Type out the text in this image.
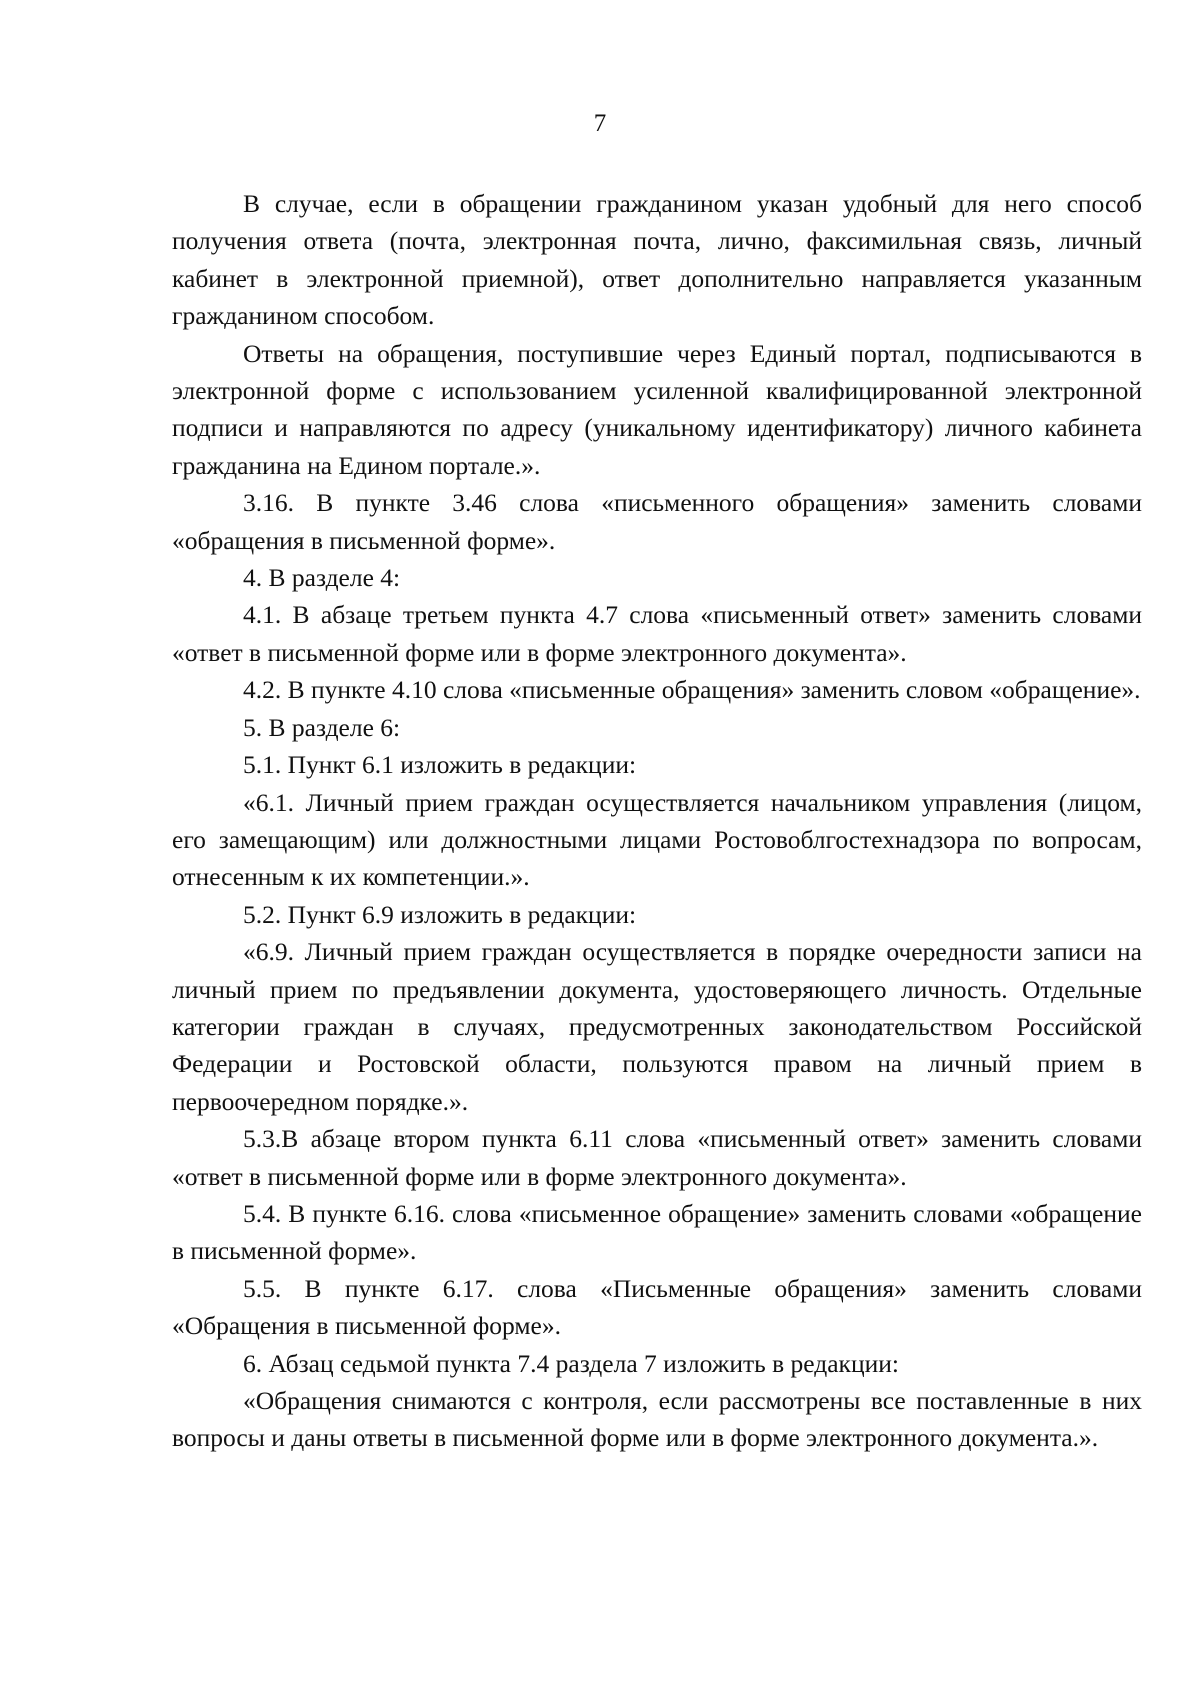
7

В случае, если в обращении гражданином указан удобный для него способ получения ответа (почта, электронная почта, лично, факсимильная связь, личный кабинет в электронной приемной), ответ дополнительно направляется указанным гражданином способом.

Ответы на обращения, поступившие через Единый портал, подписываются в электронной форме с использованием усиленной квалифицированной электронной подписи и направляются по адресу (уникальному идентификатору) личного кабинета гражданина на Едином портале.».

3.16. В пункте 3.46 слова «письменного обращения» заменить словами «обращения в письменной форме».

4. В разделе 4:

4.1. В абзаце третьем пункта 4.7 слова «письменный ответ» заменить словами «ответ в письменной форме или в форме электронного документа».

4.2. В пункте 4.10 слова «письменные обращения» заменить словом «обращение».

5. В разделе 6:

5.1. Пункт 6.1 изложить в редакции:

«6.1. Личный прием граждан осуществляется начальником управления (лицом, его замещающим) или должностными лицами Ростовоблгостехнадзора по вопросам, отнесенным к их компетенции.».

5.2. Пункт 6.9 изложить в редакции:

«6.9. Личный прием граждан осуществляется в порядке очередности записи на личный прием по предъявлении документа, удостоверяющего личность. Отдельные категории граждан в случаях, предусмотренных законодательством Российской Федерации и Ростовской области, пользуются правом на личный прием в первоочередном порядке.».

5.3.В абзаце втором пункта 6.11 слова «письменный ответ» заменить словами «ответ в письменной форме или в форме электронного документа».

5.4. В пункте 6.16. слова «письменное обращение» заменить словами «обращение в письменной форме».

5.5. В пункте 6.17. слова «Письменные обращения» заменить словами «Обращения в письменной форме».

6. Абзац седьмой пункта 7.4 раздела 7 изложить в редакции:

«Обращения снимаются с контроля, если рассмотрены все поставленные в них вопросы и даны ответы в письменной форме или в форме электронного документа.».
